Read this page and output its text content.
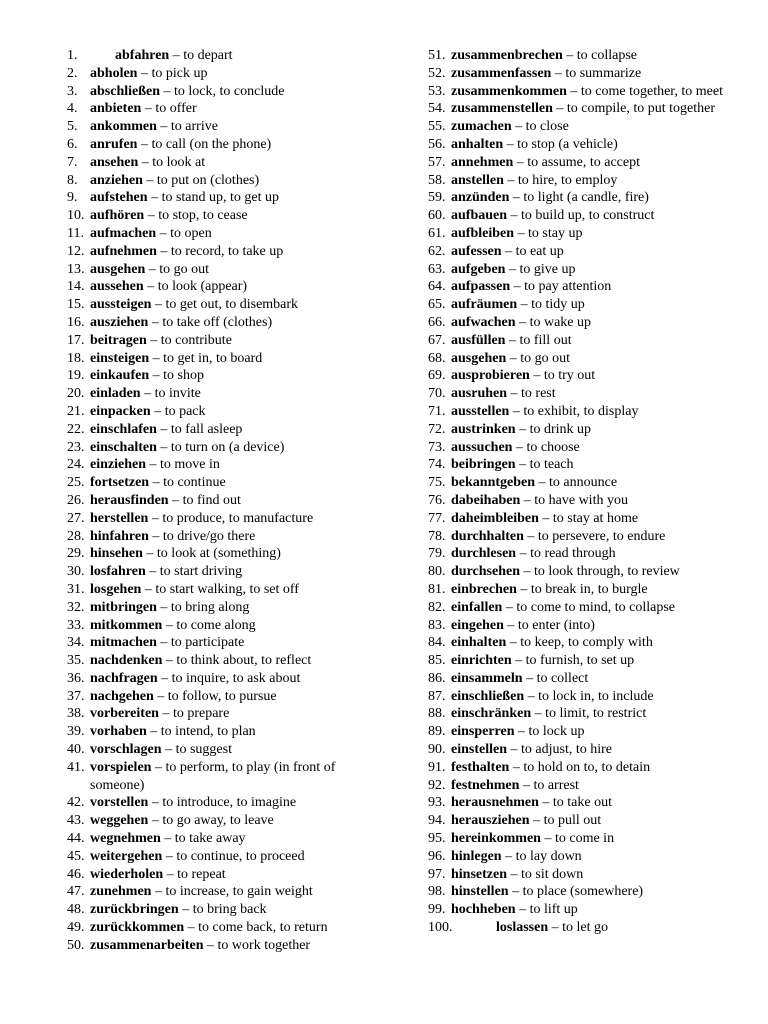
1.	abfahren – to depart
2. abholen – to pick up
3. abschließen – to lock, to conclude
4. anbieten – to offer
5. ankommen – to arrive
6. anrufen – to call (on the phone)
7. ansehen – to look at
8. anziehen – to put on (clothes)
9. aufstehen – to stand up, to get up
10. aufhören – to stop, to cease
11. aufmachen – to open
12. aufnehmen – to record, to take up
13. ausgehen – to go out
14. aussehen – to look (appear)
15. aussteigen – to get out, to disembark
16. ausziehen – to take off (clothes)
17. beitragen – to contribute
18. einsteigen – to get in, to board
19. einkaufen – to shop
20. einladen – to invite
21. einpacken – to pack
22. einschlafen – to fall asleep
23. einschalten – to turn on (a device)
24. einziehen – to move in
25. fortsetzen – to continue
26. herausfinden – to find out
27. herstellen – to produce, to manufacture
28. hinfahren – to drive/go there
29. hinsehen – to look at (something)
30. losfahren – to start driving
31. losgehen – to start walking, to set off
32. mitbringen – to bring along
33. mitkommen – to come along
34. mitmachen – to participate
35. nachdenken – to think about, to reflect
36. nachfragen – to inquire, to ask about
37. nachgehen – to follow, to pursue
38. vorbereiten – to prepare
39. vorhaben – to intend, to plan
40. vorschlagen – to suggest
41. vorspielen – to perform, to play (in front of someone)
42. vorstellen – to introduce, to imagine
43. weggehen – to go away, to leave
44. wegnehmen – to take away
45. weitergehen – to continue, to proceed
46. wiederholen – to repeat
47. zunehmen – to increase, to gain weight
48. zurückbringen – to bring back
49. zurückkommen – to come back, to return
50. zusammenarbeiten – to work together
51. zusammenbrechen – to collapse
52. zusammenfassen – to summarize
53. zusammenkommen – to come together, to meet
54. zusammenstellen – to compile, to put together
55. zumachen – to close
56. anhalten – to stop (a vehicle)
57. annehmen – to assume, to accept
58. anstellen – to hire, to employ
59. anzünden – to light (a candle, fire)
60. aufbauen – to build up, to construct
61. aufbleiben – to stay up
62. aufessen – to eat up
63. aufgeben – to give up
64. aufpassen – to pay attention
65. aufräumen – to tidy up
66. aufwachen – to wake up
67. ausfüllen – to fill out
68. ausgehen – to go out
69. ausprobieren – to try out
70. ausruhen – to rest
71. ausstellen – to exhibit, to display
72. austrinken – to drink up
73. aussuchen – to choose
74. beibringen – to teach
75. bekanntgeben – to announce
76. dabeihaben – to have with you
77. daheimbleiben – to stay at home
78. durchhalten – to persevere, to endure
79. durchlesen – to read through
80. durchsehen – to look through, to review
81. einbrechen – to break in, to burgle
82. einfallen – to come to mind, to collapse
83. eingehen – to enter (into)
84. einhalten – to keep, to comply with
85. einrichten – to furnish, to set up
86. einsammeln – to collect
87. einschließen – to lock in, to include
88. einschränken – to limit, to restrict
89. einsperren – to lock up
90. einstellen – to adjust, to hire
91. festhalten – to hold on to, to detain
92. festnehmen – to arrest
93. herausnehmen – to take out
94. herausziehen – to pull out
95. hereinkommen – to come in
96. hinlegen – to lay down
97. hinsetzen – to sit down
98. hinstellen – to place (somewhere)
99. hochheben – to lift up
100.	loslassen – to let go
